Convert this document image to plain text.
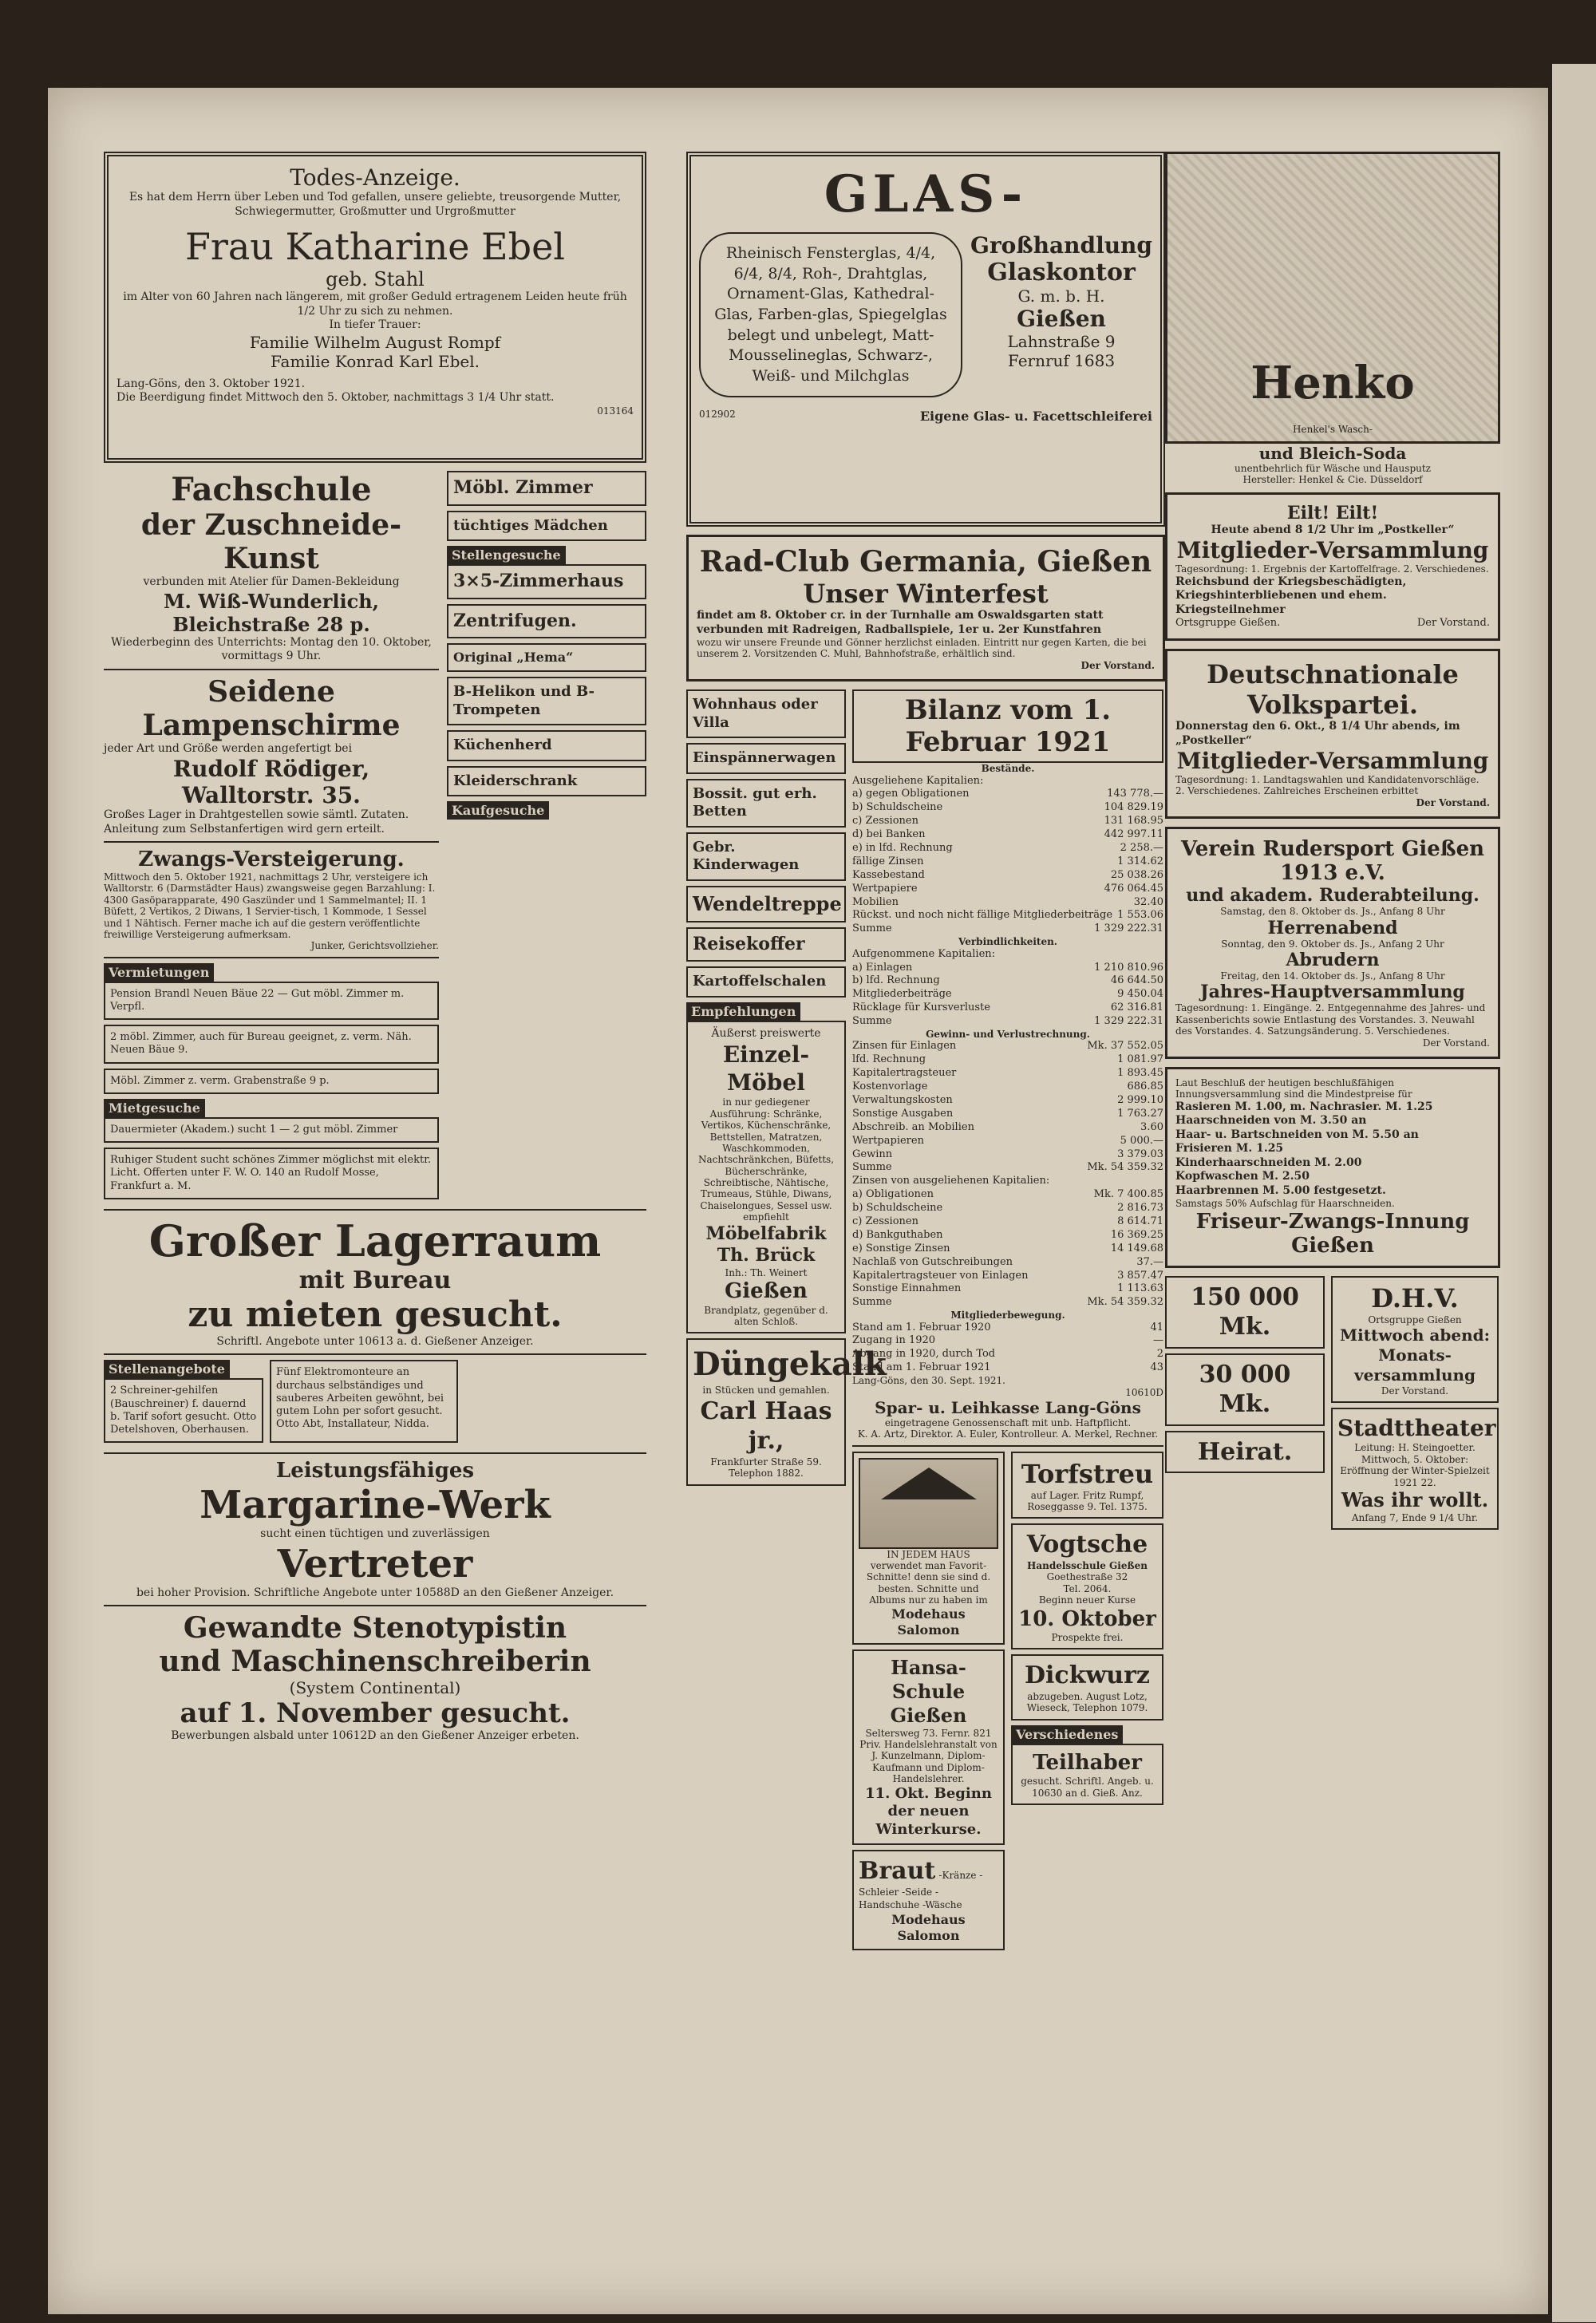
Todes-Anzeige.
Es hat dem Herrn über Leben und Tod gefallen, unsere geliebte, treusorgende Mutter, Schwiegermutter, Großmutter und Urgroßmutter
Frau Katharine Ebel
geb. Stahl
im Alter von 60 Jahren nach längerem, mit großer Geduld ertragenem Leiden heute früh 1/2 Uhr zu sich zu nehmen.
In tiefer Trauer:
Familie Wilhelm August Rompf
Familie Konrad Karl Ebel.
Lang-Göns, den 3. Oktober 1921.
Die Beerdigung findet Mittwoch den 5. Oktober, nachmittags 3 1/4 Uhr statt.
013164
Fachschule
der Zuschneide-Kunst
verbunden mit Atelier für Damen-Bekleidung
M. Wiß-Wunderlich, Bleichstraße 28 p.
Wiederbeginn des Unterrichts: Montag den 10. Oktober, vormittags 9 Uhr.
Seidene Lampenschirme
jeder Art und Größe werden angefertigt bei
Rudolf Rödiger, Walltorstr. 35.
Großes Lager in Drahtgestellen sowie sämtl. Zutaten. Anleitung zum Selbstanfertigen wird gern erteilt.
Zwangs-Versteigerung.
Mittwoch den 5. Oktober 1921, nachmittags 2 Uhr, versteigere ich Walltorstr. 6 (Darmstädter Haus) zwangsweise gegen Barzahlung: I. 4300 Gasöparapparate, 490 Gaszünder und 1 Sammelmantel; II. 1 Büfett, 2 Vertikos, 2 Diwans, 1 Servier-tisch, 1 Kommode, 1 Sessel und 1 Nähtisch. Ferner mache ich auf die gestern veröffentlichte freiwillige Versteigerung aufmerksam.
Junker, Gerichtsvollzieher.
Vermietungen
Pension Brandl Neuen Bäue 22 — Gut möbl. Zimmer m. Verpfl.
2 möbl. Zimmer, auch für Bureau geeignet, z. verm. Näh. Neuen Bäue 9.
Möbl. Zimmer z. verm. Grabenstraße 9 p.
Mietgesuche
Dauermieter (Akadem.) sucht 1 — 2 gut möbl. Zimmer
Ruhiger Student sucht schönes Zimmer möglichst mit elektr. Licht. Offerten unter F. W. O. 140 an Rudolf Mosse, Frankfurt a. M.
Möbl. Zimmer
tüchtiges Mädchen
Stellengesuche
3×5-Zimmerhaus
Zentrifugen.
Original „Hema“
B-Helikon und B-Trompeten
Küchenherd
Kleiderschrank
Kaufgesuche
Großer Lagerraum
mit Bureau
zu mieten gesucht.
Schriftl. Angebote unter 10613 a. d. Gießener Anzeiger.
Stellenangebote
2 Schreiner-gehilfen (Bauschreiner) f. dauernd b. Tarif sofort gesucht. Otto Detelshoven, Oberhausen.
Fünf Elektromonteure an durchaus selbständiges und sauberes Arbeiten gewöhnt, bei gutem Lohn per sofort gesucht. Otto Abt, Installateur, Nidda.
Leistungsfähiges
Margarine-Werk
sucht einen tüchtigen und zuverlässigen
Vertreter
bei hoher Provision. Schriftliche Angebote unter 10588D an den Gießener Anzeiger.
Gewandte Stenotypistin
und Maschinenschreiberin
(System Continental)
auf 1. November gesucht.
Bewerbungen alsbald unter 10612D an den Gießener Anzeiger erbeten.
GLAS-
Rheinisch Fensterglas, 4/4, 6/4, 8/4, Roh-, Drahtglas, Ornament-Glas, Kathedral-Glas, Farben-glas, Spiegelglas belegt und unbelegt, Matt-Mousselineglas, Schwarz-, Weiß- und Milchglas
Großhandlung
Glaskontor
G. m. b. H.
Gießen
Lahnstraße 9
Fernruf 1683
012902	Eigene Glas- u. Facettschleiferei
Rad-Club Germania, Gießen
Unser Winterfest
findet am 8. Oktober cr. in der Turnhalle am Oswaldsgarten statt verbunden mit Radreigen, Radballspiele, 1er u. 2er Kunstfahren
wozu wir unsere Freunde und Gönner herzlichst einladen. Eintritt nur gegen Karten, die bei unserem 2. Vorsitzenden C. Muhl, Bahnhofstraße, erhältlich sind.
Der Vorstand.
Wohnhaus oder Villa
Einspännerwagen
Bossit. gut erh. Betten
Gebr. Kinderwagen
Wendeltreppe
Reisekoffer
Kartoffelschalen
Empfehlungen
Äußerst preiswerte
Einzel-Möbel
in nur gediegener Ausführung: Schränke, Vertikos, Küchenschränke, Bettstellen, Matratzen, Waschkommoden, Nachtschränkchen, Büfetts, Bücherschränke, Schreibtische, Nähtische, Trumeaus, Stühle, Diwans, Chaiselongues, Sessel usw. empfiehlt
Möbelfabrik Th. Brück
Inh.: Th. Weinert
Gießen
Brandplatz, gegenüber d. alten Schloß.
Düngekalk
in Stücken und gemahlen.
Carl Haas jr.,
Frankfurter Straße 59. Telephon 1882.
Bilanz vom 1. Februar 1921
Bestände.
Ausgeliehene Kapitalien:
a) gegen Obligationen	143 778.—
b) Schuldscheine	104 829.19
c) Zessionen	131 168.95
d) bei Banken	442 997.11
e) in lfd. Rechnung	2 258.—
fällige Zinsen	1 314.62
Kassebestand	25 038.26
Wertpapiere	476 064.45
Mobilien	32.40
Rückst. und noch nicht fällige Mitgliederbeiträge 1 553.06
Summe	1 329 222.31
Verbindlichkeiten.
Aufgenommene Kapitalien:
a) Einlagen	1 210 810.96
b) lfd. Rechnung	46 644.50
Mitgliederbeiträge	9 450.04
Rücklage für Kursverluste	62 316.81
Summe	1 329 222.31
Gewinn- und Verlustrechnung.
Zinsen für Einlagen	Mk. 37 552.05
lfd. Rechnung	1 081.97
Kapitalertragsteuer	1 893.45
Kostenvorlage	686.85
Verwaltungskosten	2 999.10
Sonstige Ausgaben	1 763.27
Abschreib. an Mobilien	3.60
Wertpapieren	5 000.—
Gewinn	3 379.03
Summe	Mk. 54 359.32
Zinsen von ausgeliehenen Kapitalien:
a) Obligationen	Mk. 7 400.85
b) Schuldscheine	2 816.73
c) Zessionen	8 614.71
d) Bankguthaben	16 369.25
e) Sonstige Zinsen	14 149.68
Nachlaß von Gutschreibungen	37.—
Kapitalertragsteuer von Einlagen	3 857.47
Sonstige Einnahmen	1 113.63
Summe	Mk. 54 359.32
Mitgliederbewegung.
Stand am 1. Februar 1920	41
Zugang in 1920	—
Abgang in 1920, durch Tod	2
Stand am 1. Februar 1921	43
Lang-Göns, den 30. Sept. 1921.
10610D
Spar- u. Leihkasse Lang-Göns
eingetragene Genossenschaft mit unb. Haftpflicht.
K. A. Artz, Direktor. A. Euler, Kontrolleur. A. Merkel, Rechner.
IN JEDEM HAUS
verwendet man Favorit-Schnitte! denn sie sind d. besten. Schnitte und Albums nur zu haben im
Modehaus Salomon
Hansa-Schule Gießen
Seltersweg 73. Fernr. 821
Priv. Handelslehranstalt von J. Kunzelmann, Diplom-Kaufmann und Diplom-Handelslehrer.
11. Okt. Beginn der neuen Winterkurse.
Braut -Kränze -Schleier -Seide -Handschuhe -Wäsche
Modehaus Salomon
Torfstreu
auf Lager. Fritz Rumpf, Roseggasse 9. Tel. 1375.
Vogtsche
Handelsschule Gießen
Goethestraße 32
Tel. 2064.
Beginn neuer Kurse
10. Oktober
Prospekte frei.
Dickwurz
abzugeben. August Lotz, Wieseck, Telephon 1079.
Verschiedenes
Teilhaber
gesucht. Schriftl. Angeb. u. 10630 an d. Gieß. Anz.
Henko
Henkel's Wasch-
und Bleich-Soda
unentbehrlich für Wäsche und Hausputz
Hersteller: Henkel & Cie. Düsseldorf
Eilt! Eilt!
Heute abend 8 1/2 Uhr im „Postkeller“
Mitglieder-Versammlung
Tagesordnung: 1. Ergebnis der Kartoffelfrage. 2. Verschiedenes.
Reichsbund der Kriegsbeschädigten, Kriegshinterbliebenen und ehem. Kriegsteilnehmer
Ortsgruppe Gießen.	Der Vorstand.
Deutschnationale Volkspartei.
Donnerstag den 6. Okt., 8 1/4 Uhr abends, im „Postkeller“
Mitglieder-Versammlung
Tagesordnung: 1. Landtagswahlen und Kandidatenvorschläge. 2. Verschiedenes. Zahlreiches Erscheinen erbittet
Der Vorstand.
Verein Rudersport Gießen 1913 e.V.
und akadem. Ruderabteilung.
Samstag, den 8. Oktober ds. Js., Anfang 8 Uhr
Herrenabend
Sonntag, den 9. Oktober ds. Js., Anfang 2 Uhr
Abrudern
Freitag, den 14. Oktober ds. Js., Anfang 8 Uhr
Jahres-Hauptversammlung
Tagesordnung: 1. Eingänge. 2. Entgegennahme des Jahres- und Kassenberichts sowie Entlastung des Vorstandes. 3. Neuwahl des Vorstandes. 4. Satzungsänderung. 5. Verschiedenes.
Der Vorstand.
Laut Beschluß der heutigen beschlußfähigen Innungsversammlung sind die Mindestpreise für
Rasieren M. 1.00, m. Nachrasier. M. 1.25
Haarschneiden von M. 3.50 an
Haar- u. Bartschneiden von M. 5.50 an
Frisieren M. 1.25
Kinderhaarschneiden M. 2.00
Kopfwaschen M. 2.50
Haarbrennen M. 5.00 festgesetzt.
Samstags 50% Aufschlag für Haarschneiden.
Friseur-Zwangs-Innung Gießen
150 000 Mk.
30 000 Mk.
Heirat.
D.H.V.
Ortsgruppe Gießen
Mittwoch abend: Monats-versammlung
Der Vorstand.
Stadttheater
Leitung: H. Steingoetter. Mittwoch, 5. Oktober: Eröffnung der Winter-Spielzeit 1921 22.
Was ihr wollt.
Anfang 7, Ende 9 1/4 Uhr.
